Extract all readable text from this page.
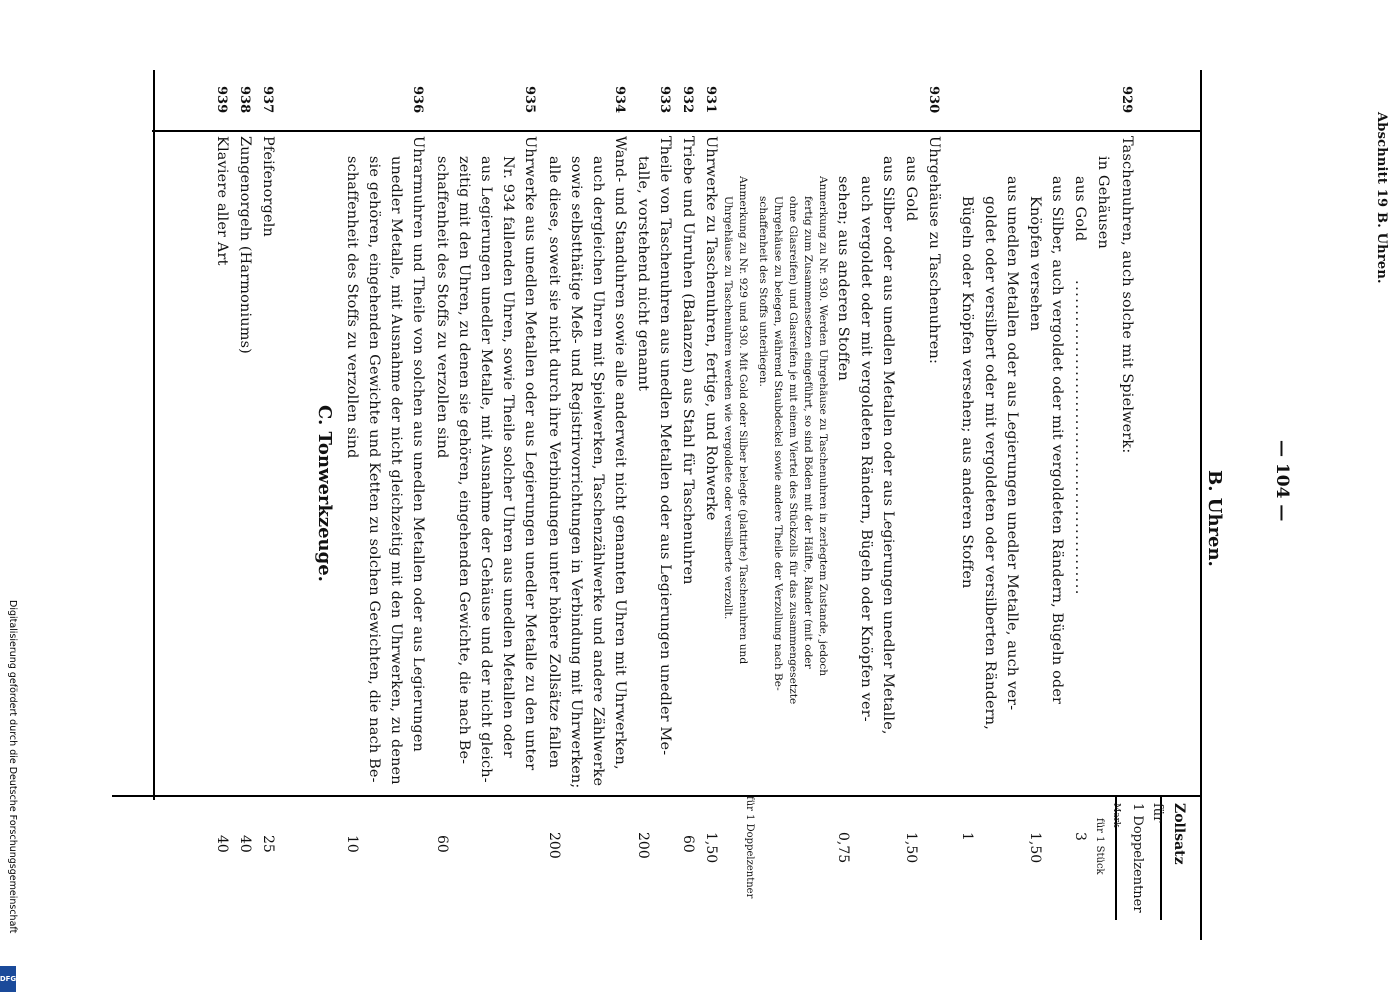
Abschnitt 19 B. Uhren.
— 104 —
Zollsatz
für
1 Doppelzentner
Mark
B. Uhren.
929
Taschenuhren, auch solche mit Spielwerk:
in Gehäusen
aus Gold
....................................................
für 1 Stück
3
aus Silber, auch vergoldet oder mit vergoldeten Rändern, Bügeln oder
Knöpfen versehen
1,50
aus unedlen Metallen oder aus Legierungen unedler Metalle, auch ver-
goldet oder versilbert oder mit vergoldeten oder versilberten Rändern,
Bügeln oder Knöpfen versehen; aus anderen Stoffen
1
930
Uhrgehäuse zu Taschenuhren:
aus Gold
1,50
aus Silber oder aus unedlen Metallen oder aus Legierungen unedler Metalle,
auch vergoldet oder mit vergoldeten Rändern, Bügeln oder Knöpfen ver-
sehen; aus anderen Stoffen
0,75
Anmerkung zu Nr. 930. Werden Uhrgehäuse zu Taschenuhren in zerlegtem Zustande, jedoch
fertig zum Zusammensetzen eingeführt, so sind Böden mit der Hälfte, Ränder (mit oder
ohne Glasreifen) und Glasreifen je mit einem Viertel des Stückzolls für das zusammengesetzte
Uhrgehäuse zu belegen, während Staubdeckel sowie andere Theile der Verzollung nach Be-
schaffenheit des Stoffs unterliegen.
Anmerkung zu Nr. 929 und 930. Mit Gold oder Silber belegte (plattirte) Taschenuhren und
Uhrgehäuse zu Taschenuhren werden wie vergoldete oder versilberte verzollt.
931
Uhrwerke zu Taschenuhren, fertige, und Rohwerke
1,50	für 1 Doppelzentner
932
Triebe und Unruhen (Balanzen) aus Stahl für Taschenuhren
60
933
Theile von Taschenuhren aus unedlen Metallen oder aus Legierungen unedler Me-
talle, vorstehend nicht genannt
200
934
Wand- und Standuhren sowie alle anderweit nicht genannten Uhren mit Uhrwerken,
auch dergleichen Uhren mit Spielwerken, Taschenzählwerke und andere Zählwerke
sowie selbstthätige Meß- und Registrirvorrichtungen in Verbindung mit Uhrwerken;
alle diese, soweit sie nicht durch ihre Verbindungen unter höhere Zollsätze fallen
200
935
Uhrwerke aus unedlen Metallen oder aus Legierungen unedler Metalle zu den unter
Nr. 934 fallenden Uhren, sowie Theile solcher Uhren aus unedlen Metallen oder
aus Legierungen unedler Metalle, mit Ausnahme der Gehäuse und der nicht gleich-
zeitig mit den Uhren, zu denen sie gehören, eingehenden Gewichte, die nach Be-
schaffenheit des Stoffs zu verzollen sind
60
936
Uhrarmuhren und Theile von solchen aus unedlen Metallen oder aus Legierungen
unedler Metalle, mit Ausnahme der nicht gleichzeitig mit den Uhrwerken, zu denen
sie gehören, eingehenden Gewichte und Ketten zu solchen Gewichten, die nach Be-
schaffenheit des Stoffs zu verzollen sind
10
C. Tonwerkzeuge.
937
Pfeifenorgeln
25
938
Zungenorgeln (Harmoniums)
40
939
Klaviere aller Art
40
Digitalisierung gefördert durch die Deutsche Forschungsgemeinschaft
DFG
